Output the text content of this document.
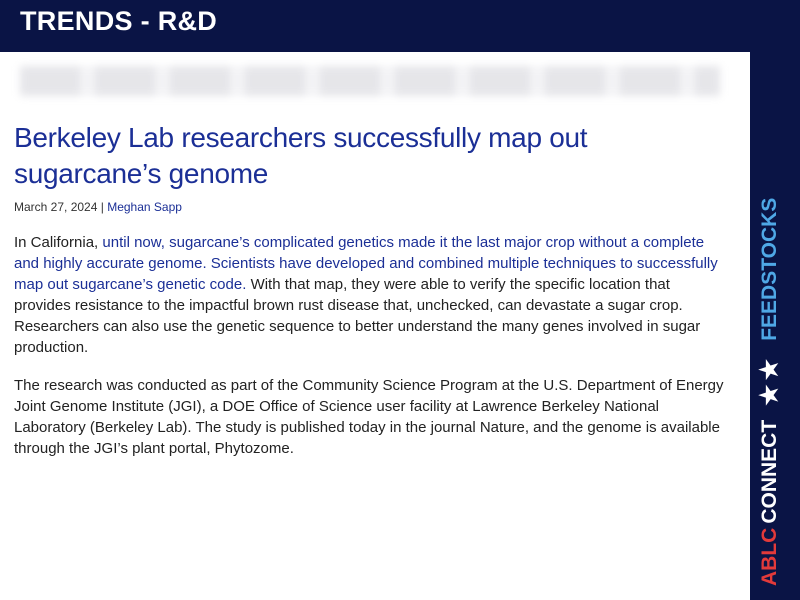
TRENDS - R&D
ABLC
CONNECT
★★
FEEDSTOCKS
Berkeley Lab researchers successfully map out sugarcane’s genome
March 27, 2024 | Meghan Sapp
In California, until now, sugarcane’s complicated genetics made it the last major crop without a complete and highly accurate genome. Scientists have developed and combined multiple techniques to successfully map out sugarcane’s genetic code. With that map, they were able to verify the specific location that provides resistance to the impactful brown rust disease that, unchecked, can devastate a sugar crop. Researchers can also use the genetic sequence to better understand the many genes involved in sugar production.
The research was conducted as part of the Community Science Program at the U.S. Department of Energy Joint Genome Institute (JGI), a DOE Office of Science user facility at Lawrence Berkeley National Laboratory (Berkeley Lab). The study is published today in the journal Nature, and the genome is available through the JGI’s plant portal, Phytozome.
